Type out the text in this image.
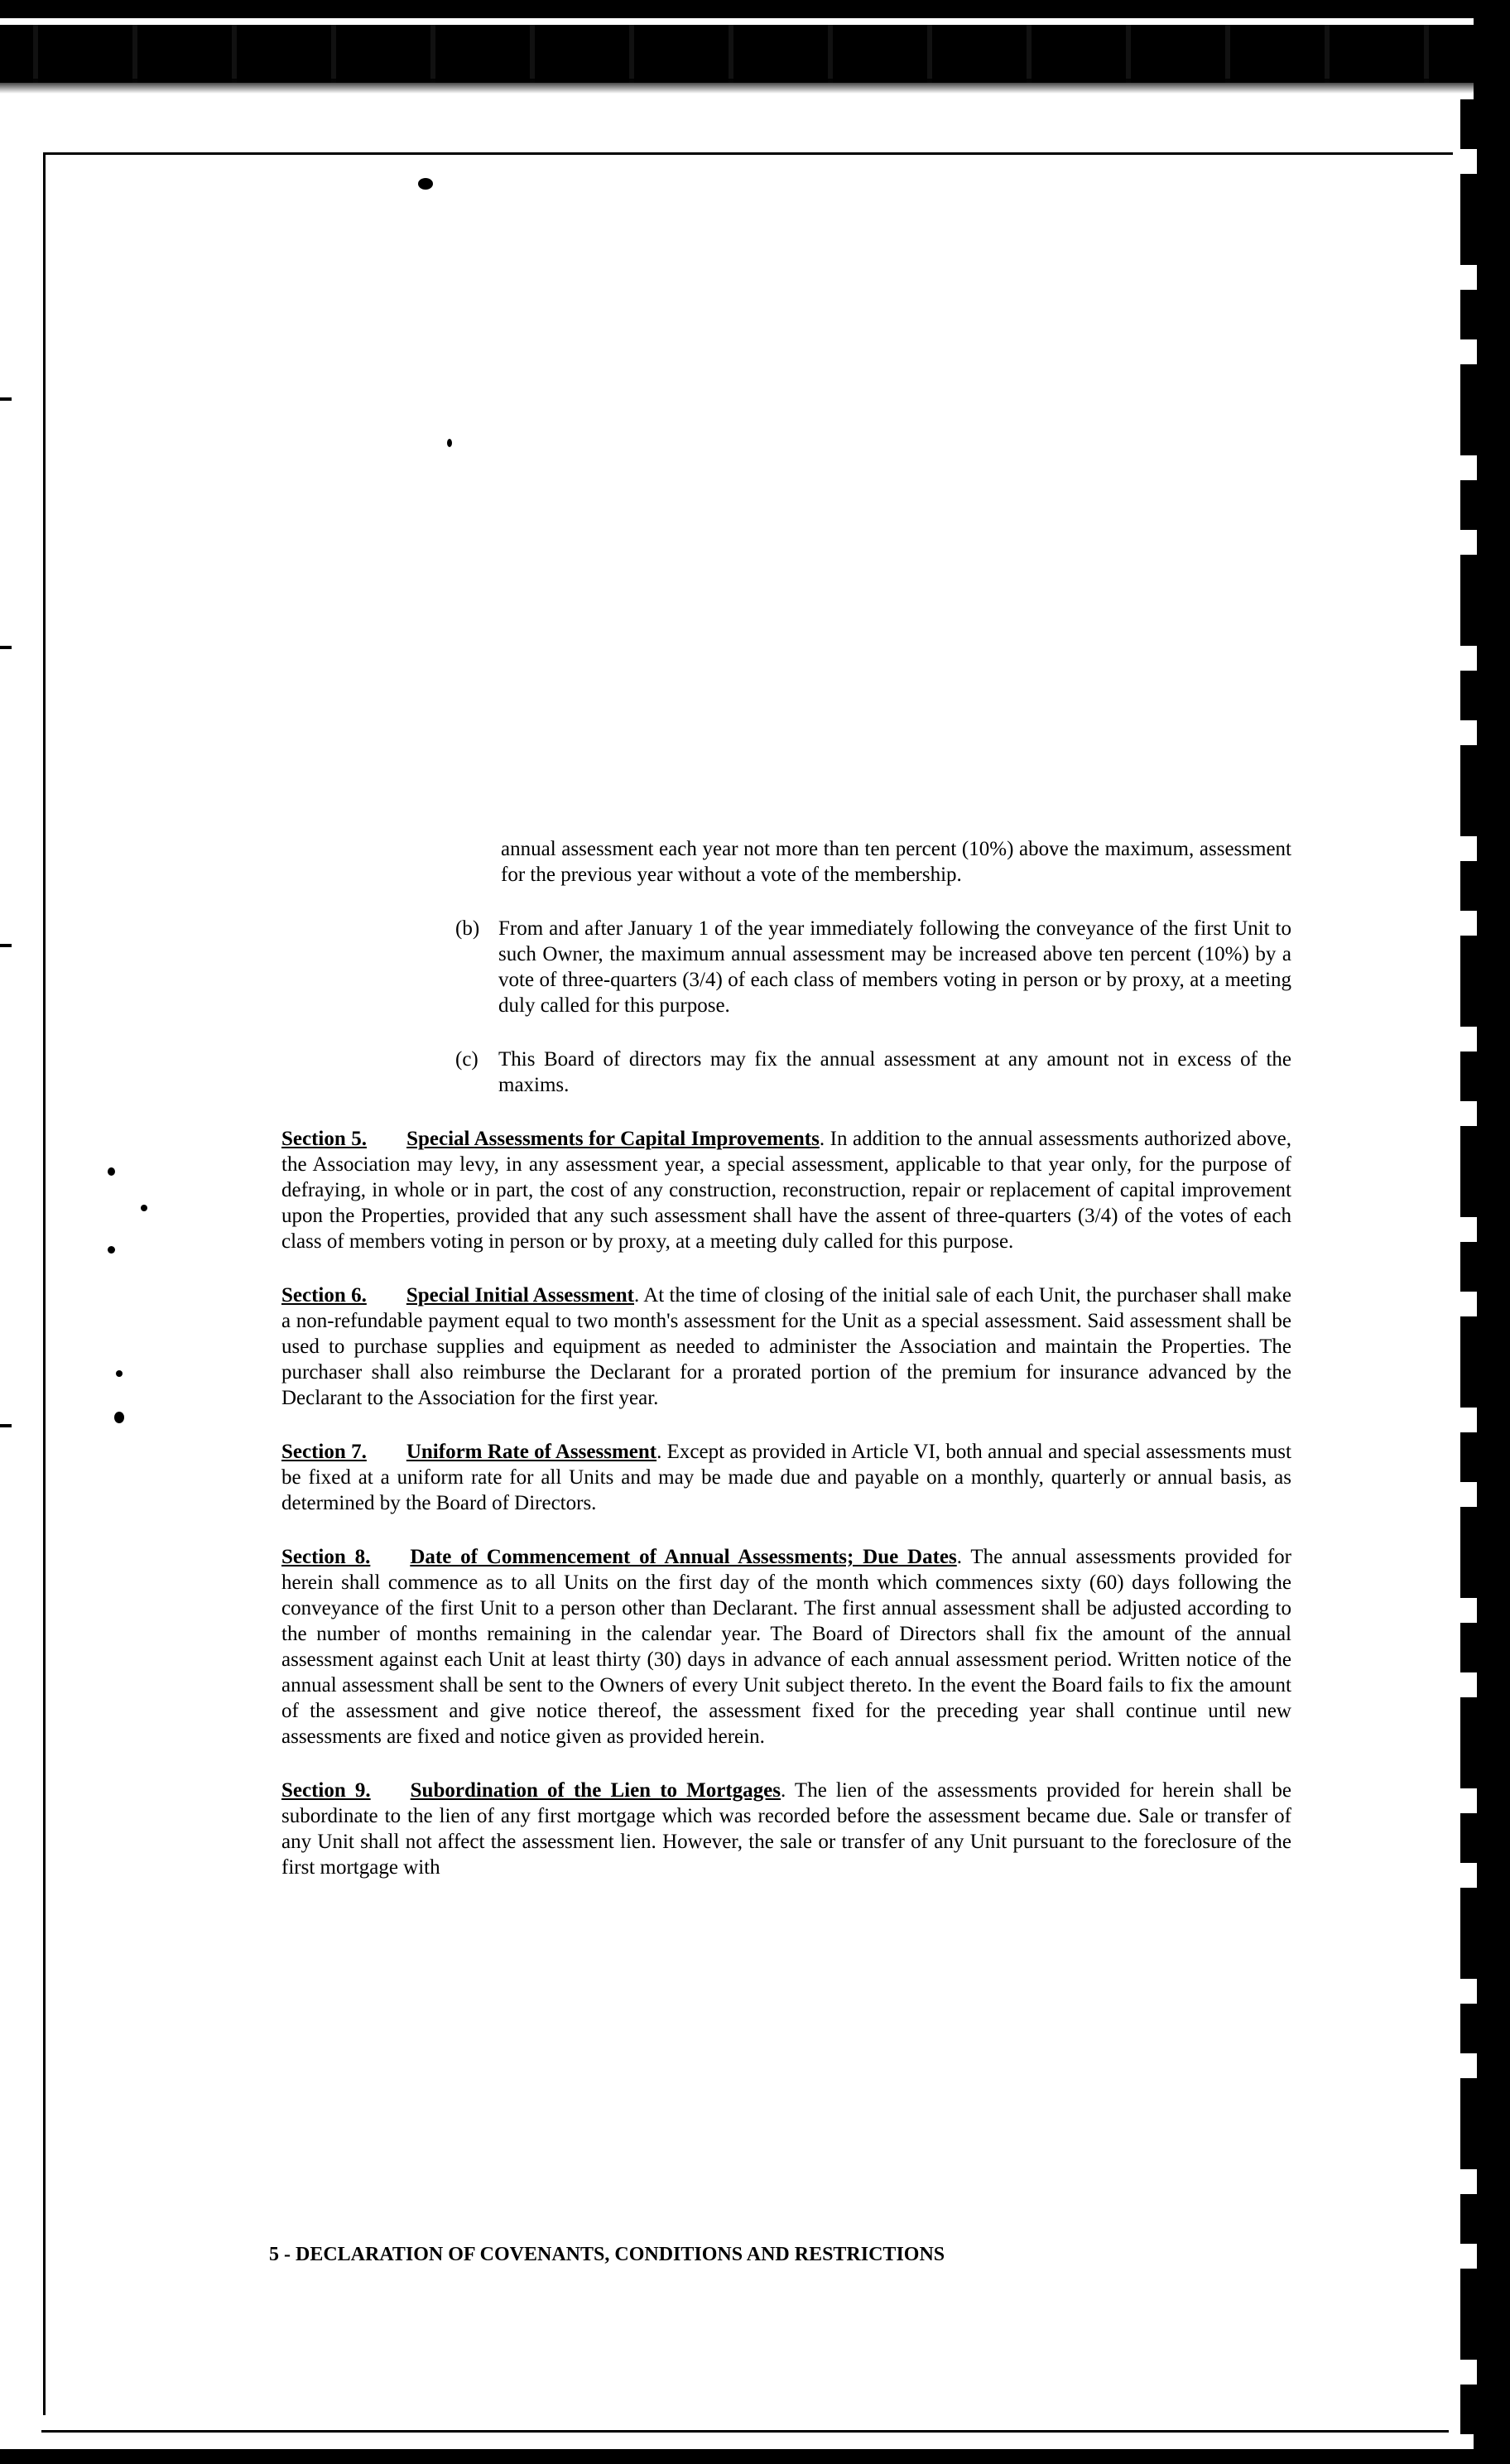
annual assessment each year not more than ten percent (10%) above the maximum, assessment for the previous year without a vote of the membership.
(b) From and after January 1 of the year immediately following the conveyance of the first Unit to such Owner, the maximum annual assessment may be increased above ten percent (10%) by a vote of three-quarters (3/4) of each class of members voting in person or by proxy, at a meeting duly called for this purpose.
(c) This Board of directors may fix the annual assessment at any amount not in excess of the maxims.
Section 5. Special Assessments for Capital Improvements. In addition to the annual assessments authorized above, the Association may levy, in any assessment year, a special assessment, applicable to that year only, for the purpose of defraying, in whole or in part, the cost of any construction, reconstruction, repair or replacement of capital improvement upon the Properties, provided that any such assessment shall have the assent of three-quarters (3/4) of the votes of each class of members voting in person or by proxy, at a meeting duly called for this purpose.
Section 6. Special Initial Assessment. At the time of closing of the initial sale of each Unit, the purchaser shall make a non-refundable payment equal to two month's assessment for the Unit as a special assessment. Said assessment shall be used to purchase supplies and equipment as needed to administer the Association and maintain the Properties. The purchaser shall also reimburse the Declarant for a prorated portion of the premium for insurance advanced by the Declarant to the Association for the first year.
Section 7. Uniform Rate of Assessment. Except as provided in Article VI, both annual and special assessments must be fixed at a uniform rate for all Units and may be made due and payable on a monthly, quarterly or annual basis, as determined by the Board of Directors.
Section 8. Date of Commencement of Annual Assessments; Due Dates. The annual assessments provided for herein shall commence as to all Units on the first day of the month which commences sixty (60) days following the conveyance of the first Unit to a person other than Declarant. The first annual assessment shall be adjusted according to the number of months remaining in the calendar year. The Board of Directors shall fix the amount of the annual assessment against each Unit at least thirty (30) days in advance of each annual assessment period. Written notice of the annual assessment shall be sent to the Owners of every Unit subject thereto. In the event the Board fails to fix the amount of the assessment and give notice thereof, the assessment fixed for the preceding year shall continue until new assessments are fixed and notice given as provided herein.
Section 9. Subordination of the Lien to Mortgages. The lien of the assessments provided for herein shall be subordinate to the lien of any first mortgage which was recorded before the assessment became due. Sale or transfer of any Unit shall not affect the assessment lien. However, the sale or transfer of any Unit pursuant to the foreclosure of the first mortgage with
5 - DECLARATION OF COVENANTS, CONDITIONS AND RESTRICTIONS
